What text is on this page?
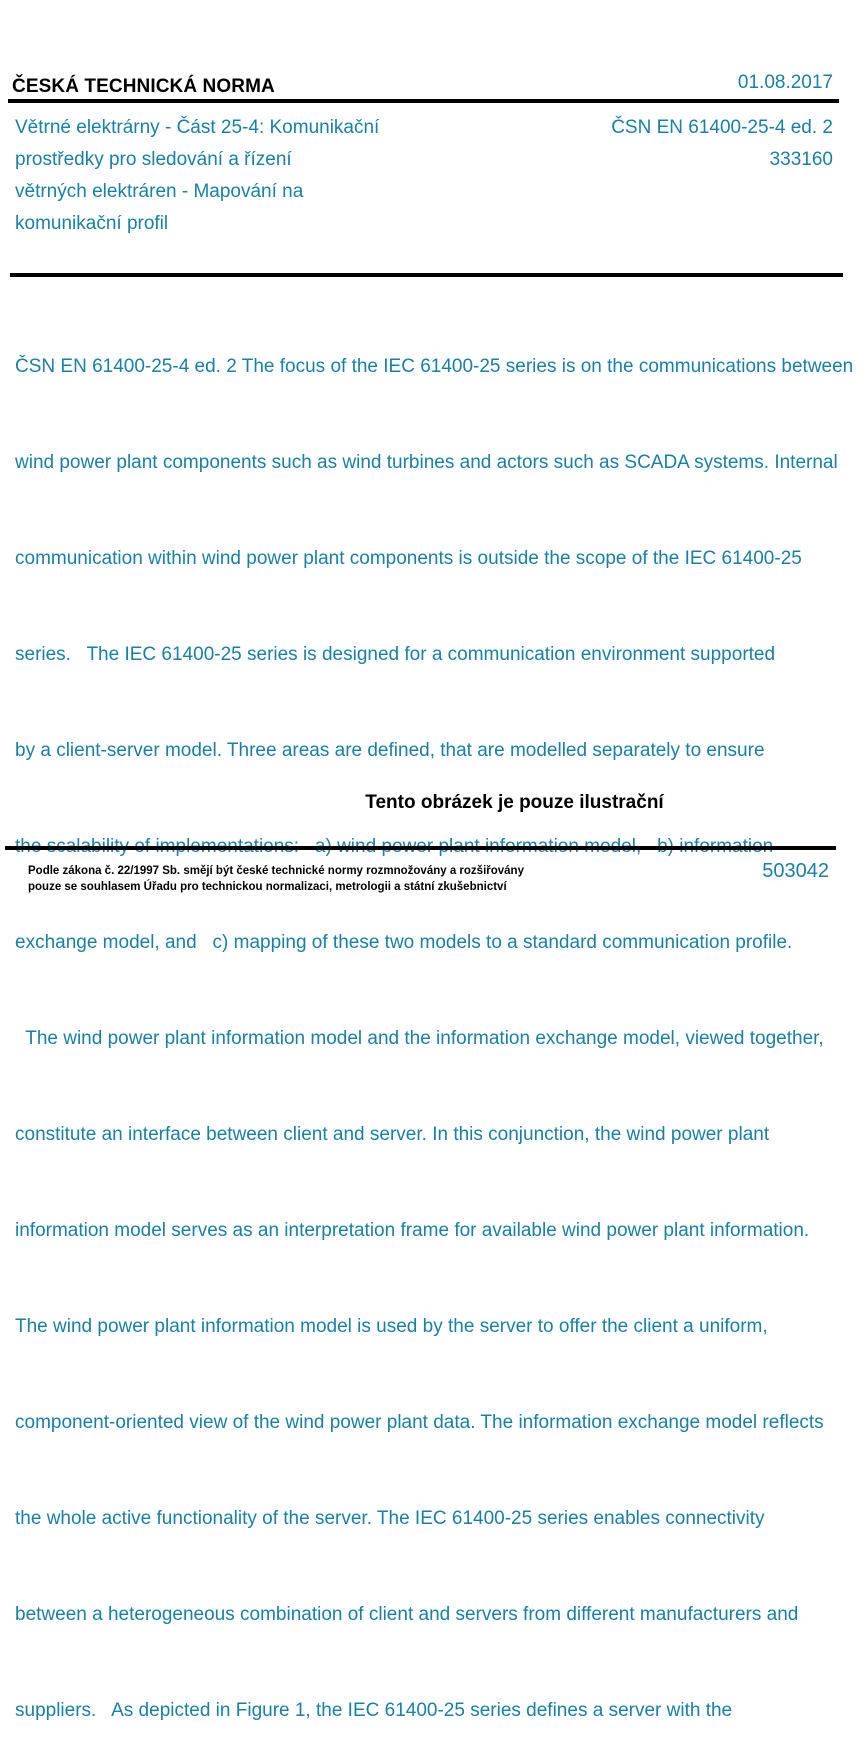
ČESKÁ TECHNICKÁ NORMA	01.08.2017
Větrné elektrárny - Část 25-4: Komunikační
prostředky pro sledování a řízení
větrných elektráren - Mapování na
komunikační profil
ČSN EN 61400-25-4 ed. 2
333160

ČSN EN 61400-25-4 ed. 2 The focus of the IEC 61400-25 series is on the communications between

wind power plant components such as wind turbines and actors such as SCADA systems. Internal

communication within wind power plant components is outside the scope of the IEC 61400-25

series.   The IEC 61400-25 series is designed for a communication environment supported

by a client-server model. Three areas are defined, that are modelled separately to ensure

exchange model, and   c) mapping of these two models to a standard communication profile.

The wind power plant information model and the information exchange model, viewed together,

constitute an interface between client and server. In this conjunction, the wind power plant

information model serves as an interpretation frame for available wind power plant information.

The wind power plant information model is used by the server to offer the client a uniform,

component-oriented view of the wind power plant data. The information exchange model reflects

the whole active functionality of the server. The IEC 61400-25 series enables connectivity

between a heterogeneous combination of client and servers from different manufacturers and

suppliers.   As depicted in Figure 1, the IEC 61400-25 series defines a server with the

Tento obrázek je pouze ilustrační
Podle zákona č. 22/1997 Sb. smějí být české technické normy rozmnožovány a rozšiřovány
pouze se souhlasem Úřadu pro technickou normalizaci, metrologii a státní zkušebnictví
503042
